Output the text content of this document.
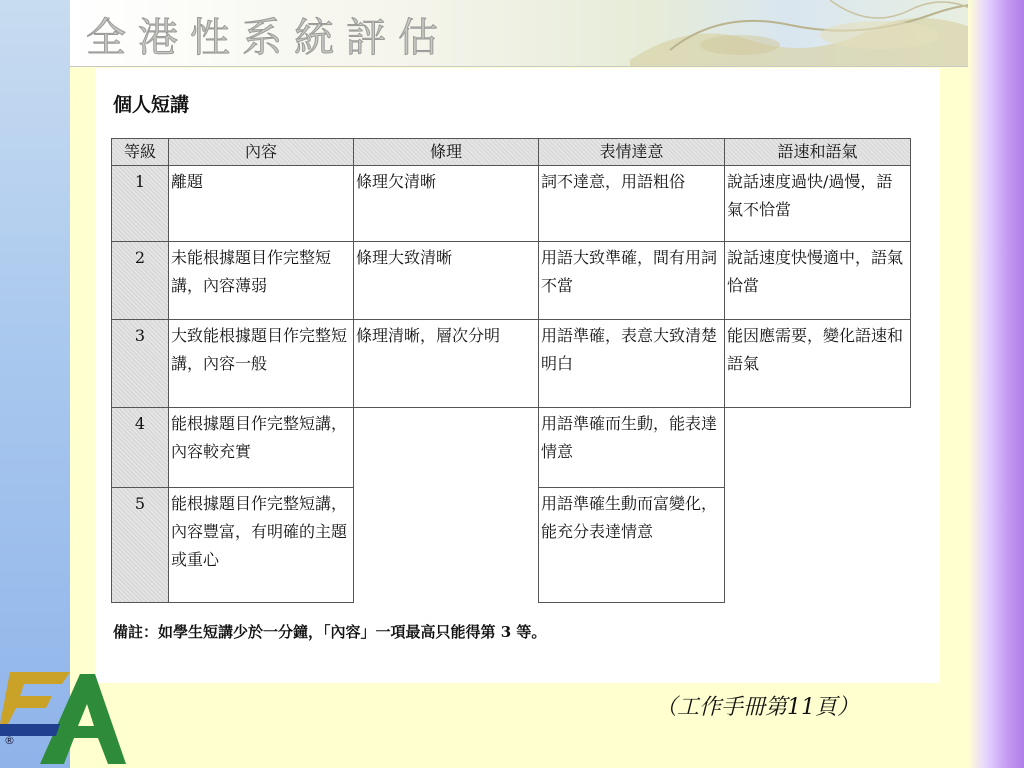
全港性系統評估
個人短講
等級	內容	條理	表情達意	語速和語氣
1	離題	條理欠清晰	詞不達意，用語粗俗	說話速度過快/過慢，語氣不恰當
2	未能根據題目作完整短講，內容薄弱	條理大致清晰	用語大致準確，間有用詞不當	說話速度快慢適中，語氣恰當
3	大致能根據題目作完整短講，內容一般	條理清晰，層次分明	用語準確，表意大致清楚明白	能因應需要，變化語速和語氣
4	能根據題目作完整短講，內容較充實		用語準確而生動，能表達情意	
5	能根據題目作完整短講，內容豐富，有明確的主題或重心		用語準確生動而富變化，能充分表達情意	
備註：如學生短講少於一分鐘，「內容」一項最高只能得第 3 等。
®
（工作手冊第11頁）
